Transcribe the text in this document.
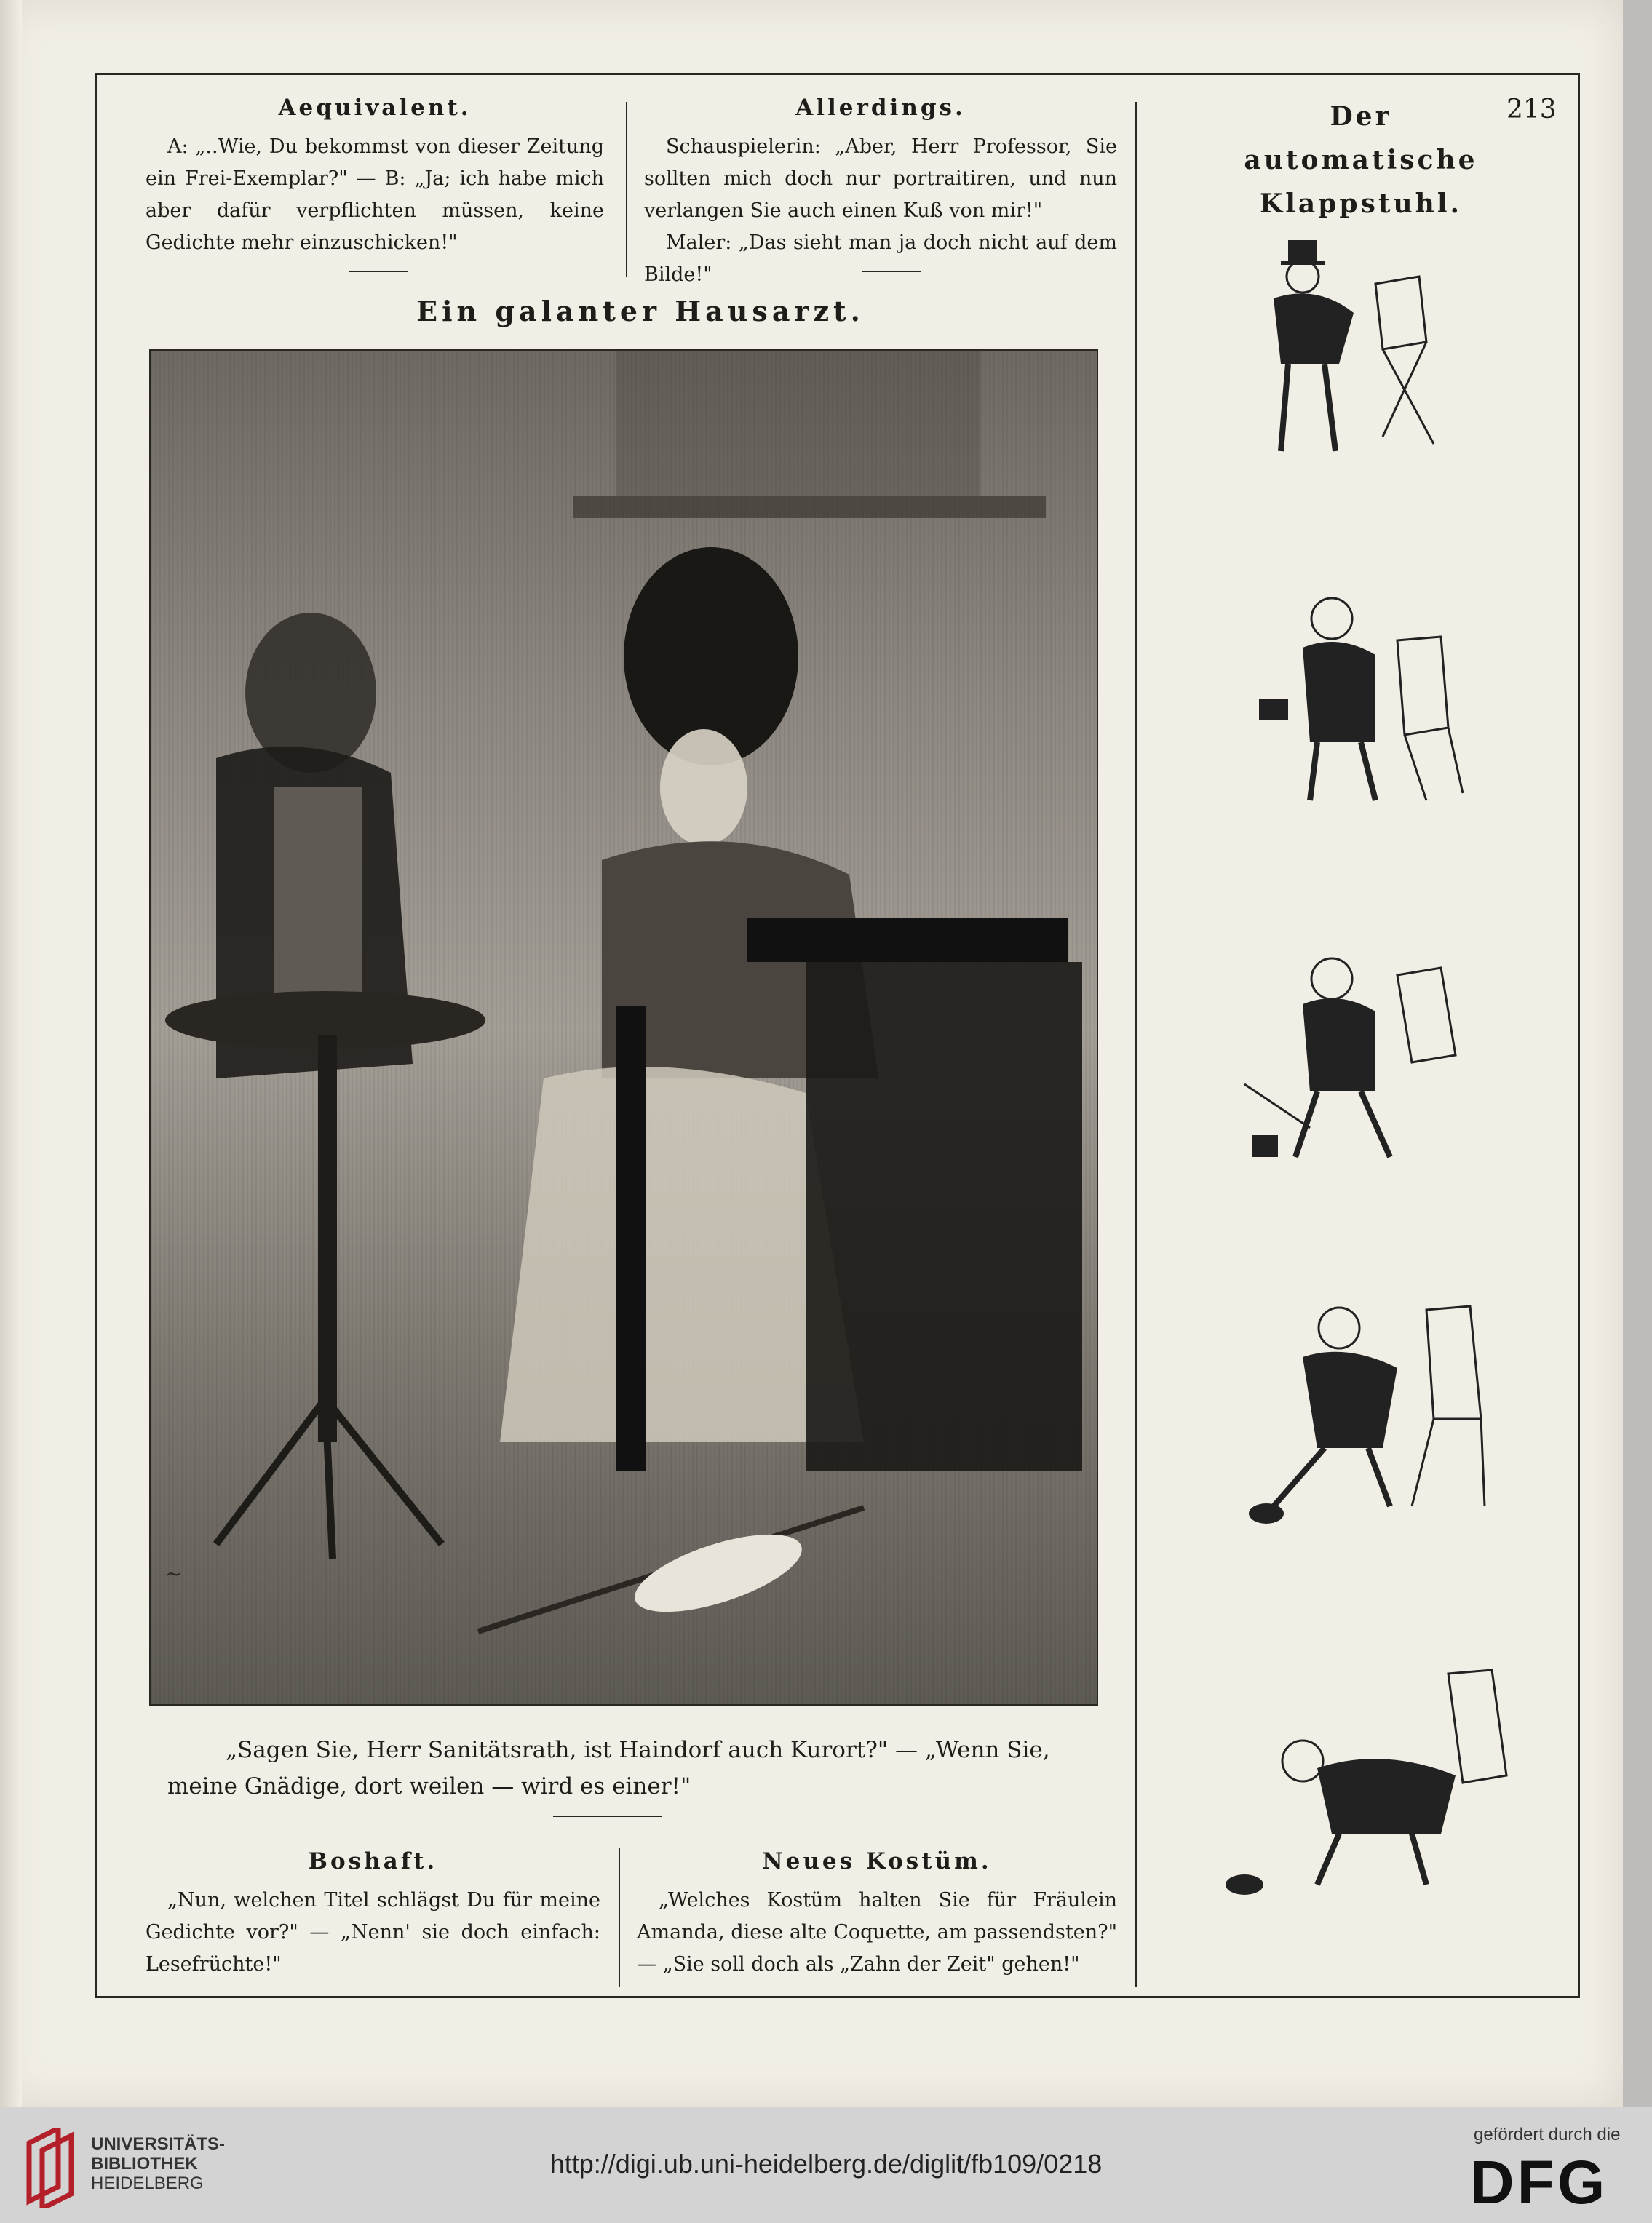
Aequivalent.
A: „..Wie, Du bekommst von dieser Zeitung ein Frei-Exemplar?" — B: „Ja; ich habe mich aber dafür verpflichten müssen, keine Gedichte mehr einzuschicken!"
Allerdings.
Schauspielerin: „Aber, Herr Professor, Sie sollten mich doch nur portraitiren, und nun verlangen Sie auch einen Kuß von mir!"
Maler: „Das sieht man ja doch nicht auf dem Bilde!"
Der
automatische Klappstuhl.
213
Ein galanter Hausarzt.
~
„Sagen Sie, Herr Sanitätsrath, ist Haindorf auch Kurort?" — „Wenn Sie,
meine Gnädige, dort weilen — wird es einer!"
Boshaft.
„Nun, welchen Titel schlägst Du für meine Gedichte vor?" — „Nenn' sie doch einfach: Lesefrüchte!"
Neues Kostüm.
„Welches Kostüm halten Sie für Fräulein Amanda, diese alte Coquette, am passendsten?" — „Sie soll doch als „Zahn der Zeit" gehen!"
UNIVERSITÄTS-
BIBLIOTHEK
HEIDELBERG
http://digi.ub.uni-heidelberg.de/diglit/fb109/0218
gefördert durch die
DFG
